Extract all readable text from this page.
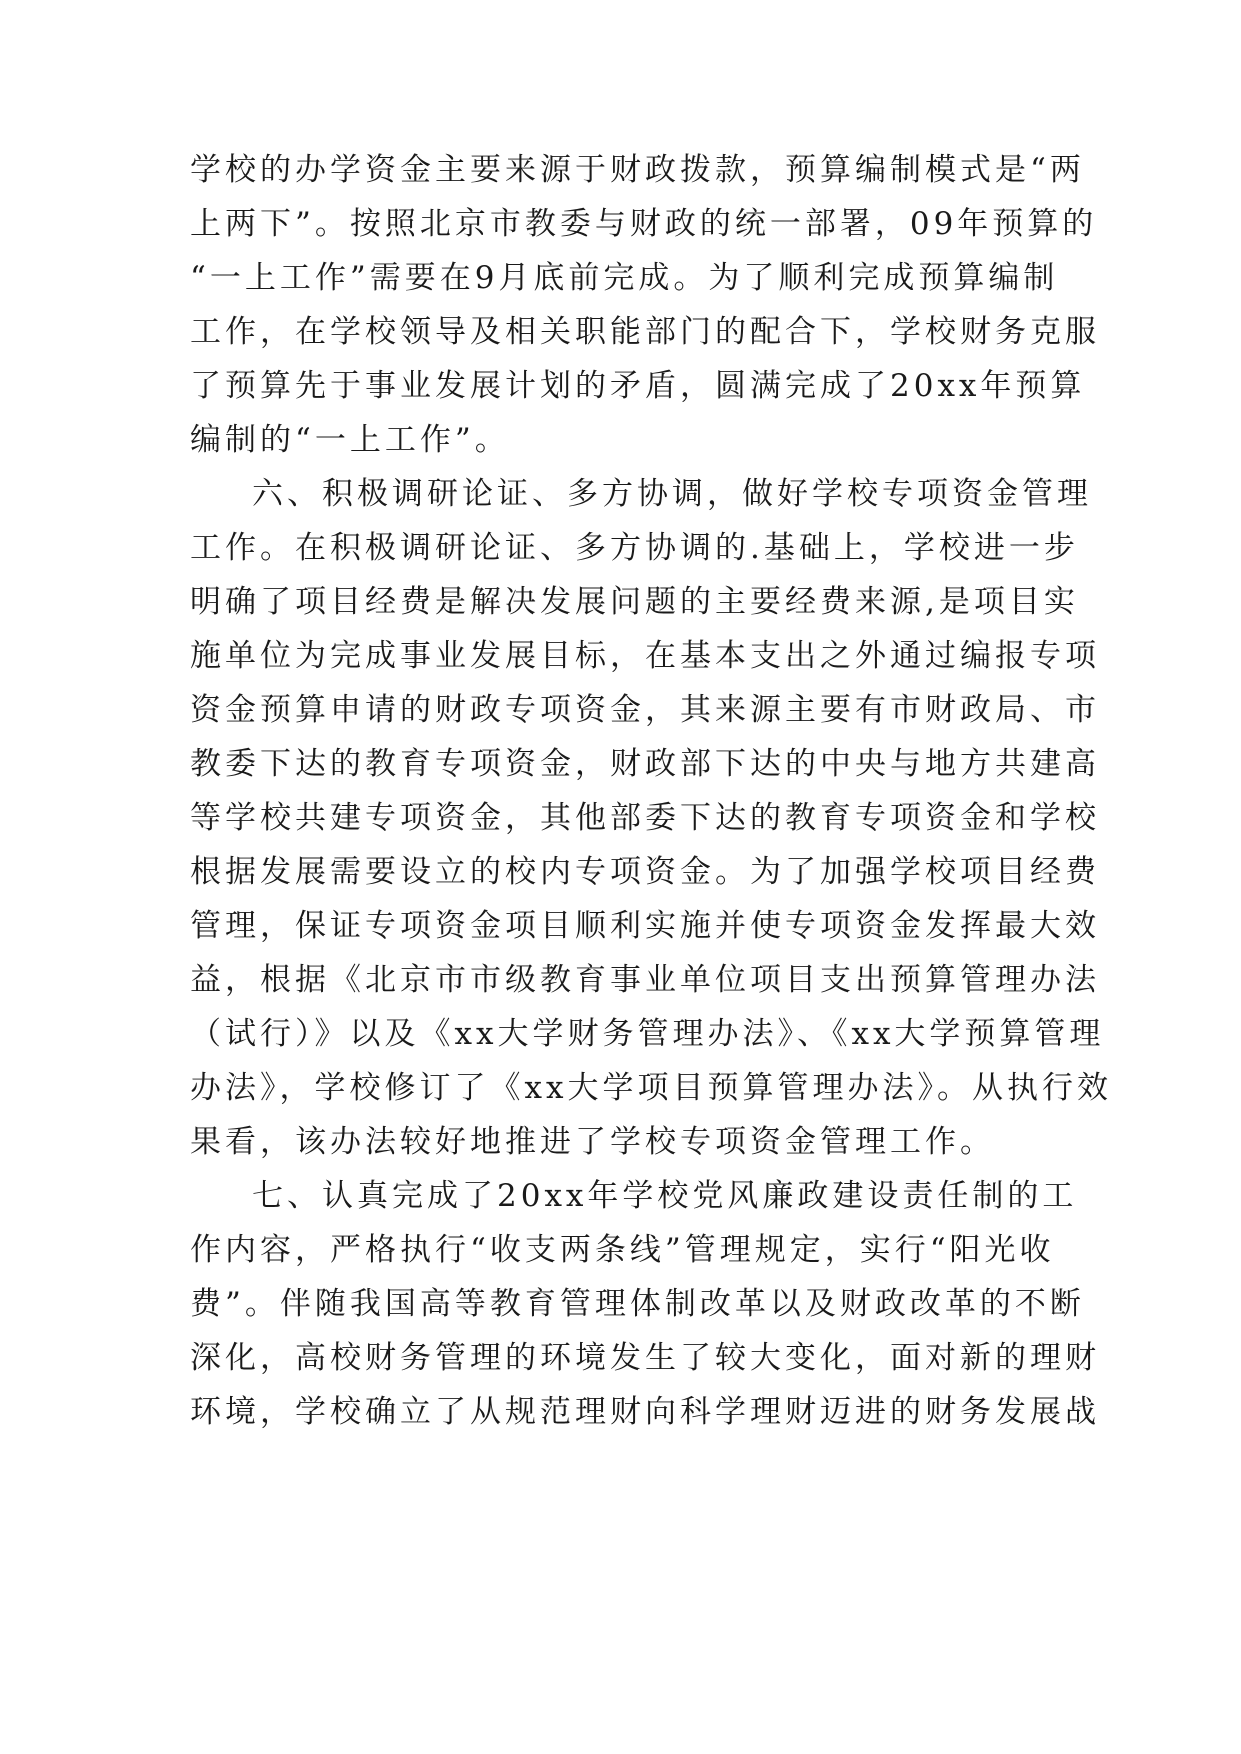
学校的办学资金主要来源于财政拨款，预算编制模式是“两
上两下”。按照北京市教委与财政的统一部署，09年预算的
“一上工作”需要在9月底前完成。为了顺利完成预算编制
工作，在学校领导及相关职能部门的配合下，学校财务克服
了预算先于事业发展计划的矛盾，圆满完成了20xx年预算
编制的“一上工作”。
六、积极调研论证、多方协调，做好学校专项资金管理
工作。在积极调研论证、多方协调的.基础上，学校进一步
明确了项目经费是解决发展问题的主要经费来源,是项目实
施单位为完成事业发展目标，在基本支出之外通过编报专项
资金预算申请的财政专项资金，其来源主要有市财政局、市
教委下达的教育专项资金，财政部下达的中央与地方共建高
等学校共建专项资金，其他部委下达的教育专项资金和学校
根据发展需要设立的校内专项资金。为了加强学校项目经费
管理，保证专项资金项目顺利实施并使专项资金发挥最大效
益，根据《北京市市级教育事业单位项目支出预算管理办法
（试行）》以及《xx大学财务管理办法》、《xx大学预算管理
办法》，学校修订了《xx大学项目预算管理办法》。从执行效
果看，该办法较好地推进了学校专项资金管理工作。
七、认真完成了20xx年学校党风廉政建设责任制的工
作内容，严格执行“收支两条线”管理规定，实行“阳光收
费”。伴随我国高等教育管理体制改革以及财政改革的不断
深化，高校财务管理的环境发生了较大变化，面对新的理财
环境，学校确立了从规范理财向科学理财迈进的财务发展战
